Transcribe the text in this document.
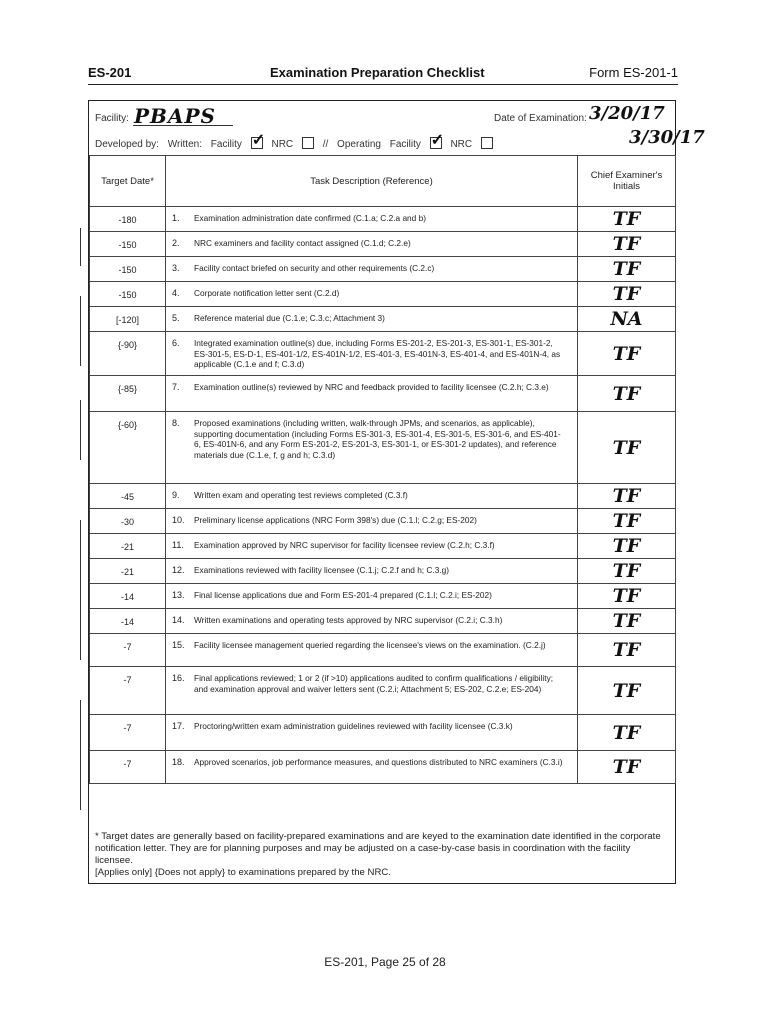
ES-201	Examination Preparation Checklist	Form ES-201-1
Facility: PBAPS	Date of Examination: 3/20/17
3/30/17
Developed by: Written: Facility ✓	NRC	// Operating Facility ✓	NRC
Target Date*	Task Description (Reference)	Chief Examiner's Initials
-180	1. Examination administration date confirmed (C.1.a; C.2.a and b)	TF
-150	2. NRC examiners and facility contact assigned (C.1.d; C.2.e)	TF
-150	3. Facility contact briefed on security and other requirements (C.2.c)	TF
-150	4. Corporate notification letter sent (C.2.d)	TF
[-120]	5. Reference material due (C.1.e; C.3.c; Attachment 3)	NA
{-90}	6. Integrated examination outline(s) due, including Forms ES-201-2, ES-201-3, ES-301-1, ES-301-2, ES-301-5, ES-D-1, ES-401-1/2, ES-401N-1/2, ES-401-3, ES-401N-3, ES-401-4, and ES-401N-4, as applicable (C.1.e and f; C.3.d)	TF
{-85}	7. Examination outline(s) reviewed by NRC and feedback provided to facility licensee (C.2.h; C.3.e)	TF
{-60}	8. Proposed examinations (including written, walk-through JPMs, and scenarios, as applicable), supporting documentation (including Forms ES-301-3, ES-301-4, ES-301-5, ES-301-6, and ES-401-6, ES-401N-6, and any Form ES-201-2, ES-201-3, ES-301-1, or ES-301-2 updates), and reference materials due (C.1.e, f, g and h; C.3.d)	TF
-45	9. Written exam and operating test reviews completed (C.3.f)	TF
-30	10. Preliminary license applications (NRC Form 398's) due (C.1.l; C.2.g; ES-202)	TF
-21	11. Examination approved by NRC supervisor for facility licensee review (C.2.h; C.3.f)	TF
-21	12. Examinations reviewed with facility licensee (C.1.j; C.2.f and h; C.3.g)	TF
-14	13. Final license applications due and Form ES-201-4 prepared (C.1.l; C.2.i; ES-202)	TF
-14	14. Written examinations and operating tests approved by NRC supervisor (C.2.i; C.3.h)	TF
-7	15. Facility licensee management queried regarding the licensee's views on the examination. (C.2.j)	TF
-7	16. Final applications reviewed; 1 or 2 (if >10) applications audited to confirm qualifications / eligibility; and examination approval and waiver letters sent (C.2.i; Attachment 5; ES-202, C.2.e; ES-204)	TF
-7	17. Proctoring/written exam administration guidelines reviewed with facility licensee (C.3.k)	TF
-7	18. Approved scenarios, job performance measures, and questions distributed to NRC examiners (C.3.i)	TF
* Target dates are generally based on facility-prepared examinations and are keyed to the examination date identified in the corporate notification letter. They are for planning purposes and may be adjusted on a case-by-case basis in coordination with the facility licensee.
[Applies only] {Does not apply} to examinations prepared by the NRC.
ES-201, Page 25 of 28
